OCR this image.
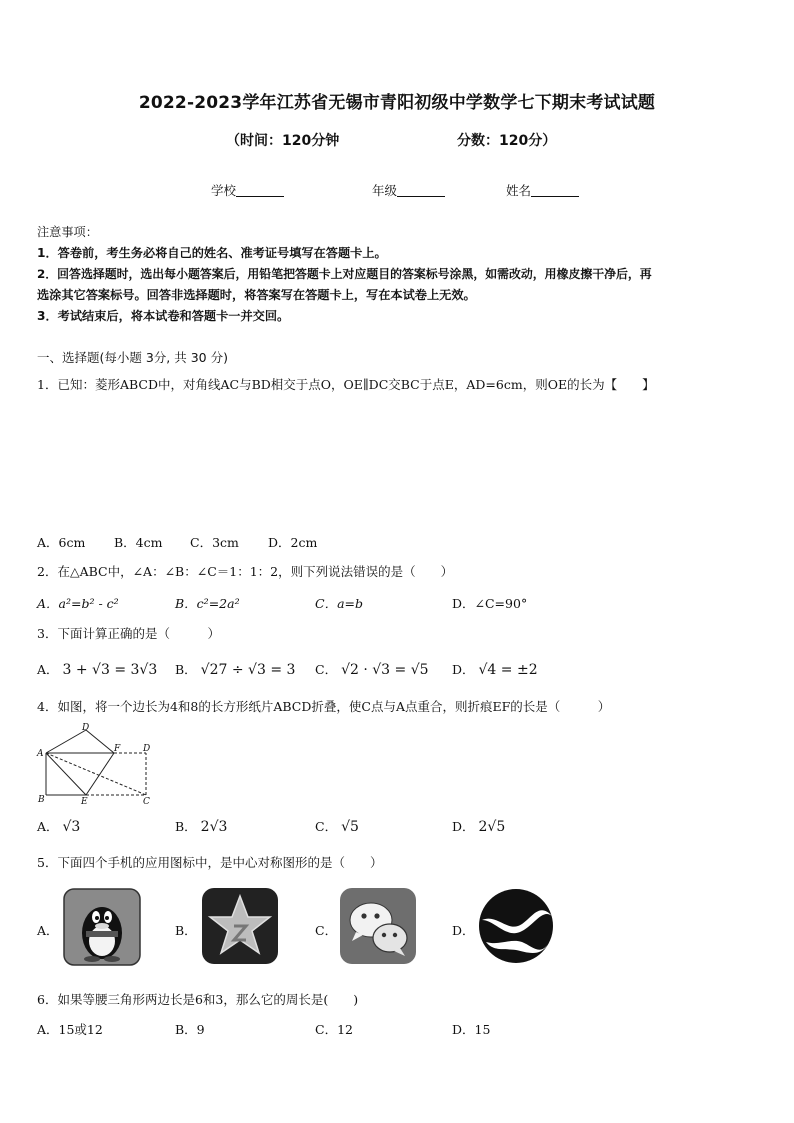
2022-2023学年江苏省无锡市青阳初级中学数学七下期末考试试题
（时间：120分钟	分数：120分）
学校	年级	姓名
注意事项：
1．答卷前，考生务必将自己的姓名、准考证号填写在答题卡上。
2．回答选择题时，选出每小题答案后，用铅笔把答题卡上对应题目的答案标号涂黑，如需改动，用橡皮擦干净后，再
选涂其它答案标号。回答非选择题时，将答案写在答题卡上，写在本试卷上无效。
3．考试结束后，将本试卷和答题卡一并交回。
一、选择题(每小题 3分, 共 30 分)
1．已知：菱形ABCD中，对角线AC与BD相交于点O，OE∥DC交BC于点E，AD=6cm，则OE的长为【　　】
A．6cm B．4cm C．3cm D．2cm
2．在△ABC中，∠A：∠B：∠C＝1：1：2，则下列说法错误的是（　　）
A．a²=b² - c²	B．c²=2a²	C．a=b	D．∠C=90°
3．下面计算正确的是（　　　）
A． 3 + √3 = 3√3 B． √27 ÷ √3 = 3 C． √2 · √3 = √5 D． √4 = ±2
4．如图，将一个边长为4和8的长方形纸片ABCD折叠，使C点与A点重合，则折痕EF的长是（　　　）
A
B
D
F	D
E	C
A． √3	B． 2√3	C． √5	D． 2√5
5．下面四个手机的应用图标中，是中心对称图形的是（　　）
A．	B．	C．	D．
6．如果等腰三角形两边长是6和3，那么它的周长是(　　)
A．15或12	B．9	C．12	D．15
